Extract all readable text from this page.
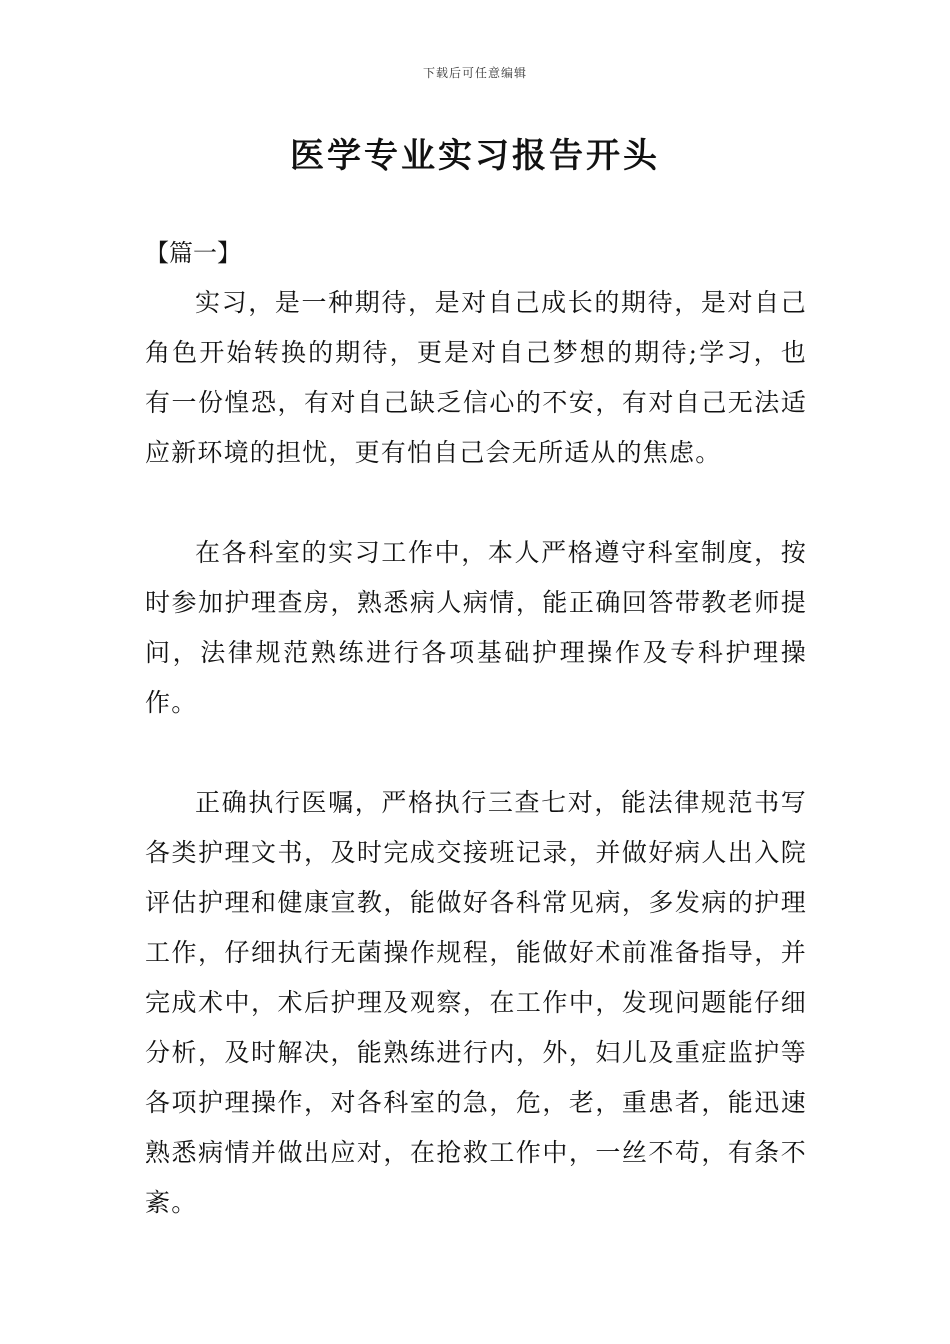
下载后可任意编辑
医学专业实习报告开头

【篇一】

实习，是一种期待，是对自己成长的期待，是对自己角色开始转换的期待，更是对自己梦想的期待;学习，也有一份惶恐，有对自己缺乏信心的不安，有对自己无法适应新环境的担忧，更有怕自己会无所适从的焦虑。

在各科室的实习工作中，本人严格遵守科室制度，按时参加护理查房，熟悉病人病情，能正确回答带教老师提问，法律规范熟练进行各项基础护理操作及专科护理操作。

正确执行医嘱，严格执行三查七对，能法律规范书写各类护理文书，及时完成交接班记录，并做好病人出入院评估护理和健康宣教，能做好各科常见病，多发病的护理工作，仔细执行无菌操作规程，能做好术前准备指导，并完成术中，术后护理及观察，在工作中，发现问题能仔细分析，及时解决，能熟练进行内，外，妇儿及重症监护等各项护理操作，对各科室的急，危，老，重患者，能迅速熟悉病情并做出应对，在抢救工作中，一丝不苟，有条不紊。
